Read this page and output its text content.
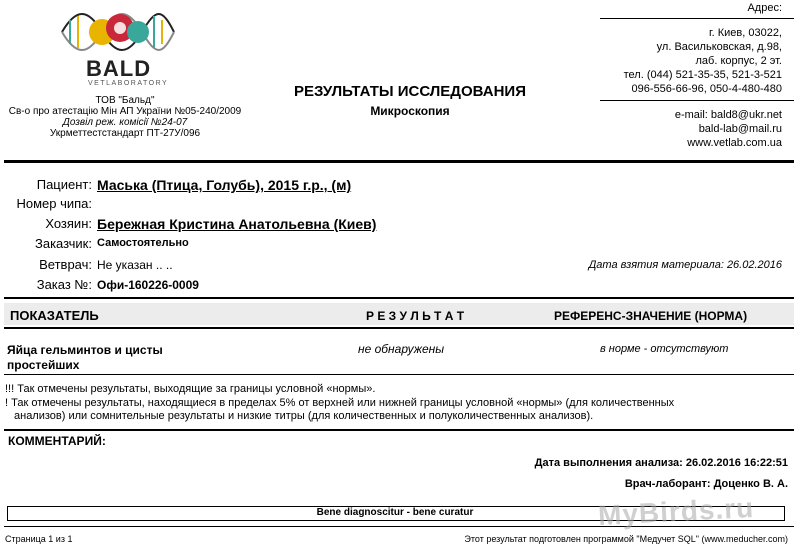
BALD
VETLABORATORY
ТОВ "Бальд"
Св-о про атестацію Мін АП України №05-240/2009
Дозвіл реж. комісії №24-07
Укрметтестстандарт ПТ-27У/096
РЕЗУЛЬТАТЫ ИССЛЕДОВАНИЯ
Микроскопия
Адрес:
г. Киев, 03022,
ул. Васильковская, д.98,
лаб. корпус, 2 эт.
тел. (044) 521-35-35, 521-3-521
096-556-66-96, 050-4-480-480
e-mail: bald8@ukr.net
bald-lab@mail.ru
www.vetlab.com.ua
Пациент: Маська (Птица, Голубь), 2015 г.р., (м)
Номер чипа:
Хозяин: Бережная Кристина Анатольевна (Киев)
Заказчик: Самостоятельно
Ветврач: Не указан .. ..	Дата взятия материала: 26.02.2016
Заказ №: Офи-160226-0009
ПОКАЗАТЕЛЬ	Р Е З У Л Ь Т А Т	РЕФЕРЕНС-ЗНАЧЕНИЕ (НОРМА)
Яйца гельминтов и цисты
простейших
не обнаружены	в норме - отсутствуют
!!! Так отмечены результаты, выходящие за границы условной «нормы».
! Так отмечены результаты, находящиеся в пределах 5% от верхней или нижней границы условной «нормы» (для количественных
анализов) или сомнительные результаты и низкие титры (для количественных и полуколичественных анализов).
КОММЕНТАРИЙ:
Дата выполнения анализа: 26.02.2016 16:22:51
Врач-лаборант: Доценко В. А.
Bene diagnoscitur - bene curatur
Страница 1 из 1	Этот результат подготовлен программой "Медучет SQL" (www.meducher.com)
MyBirds.ru
